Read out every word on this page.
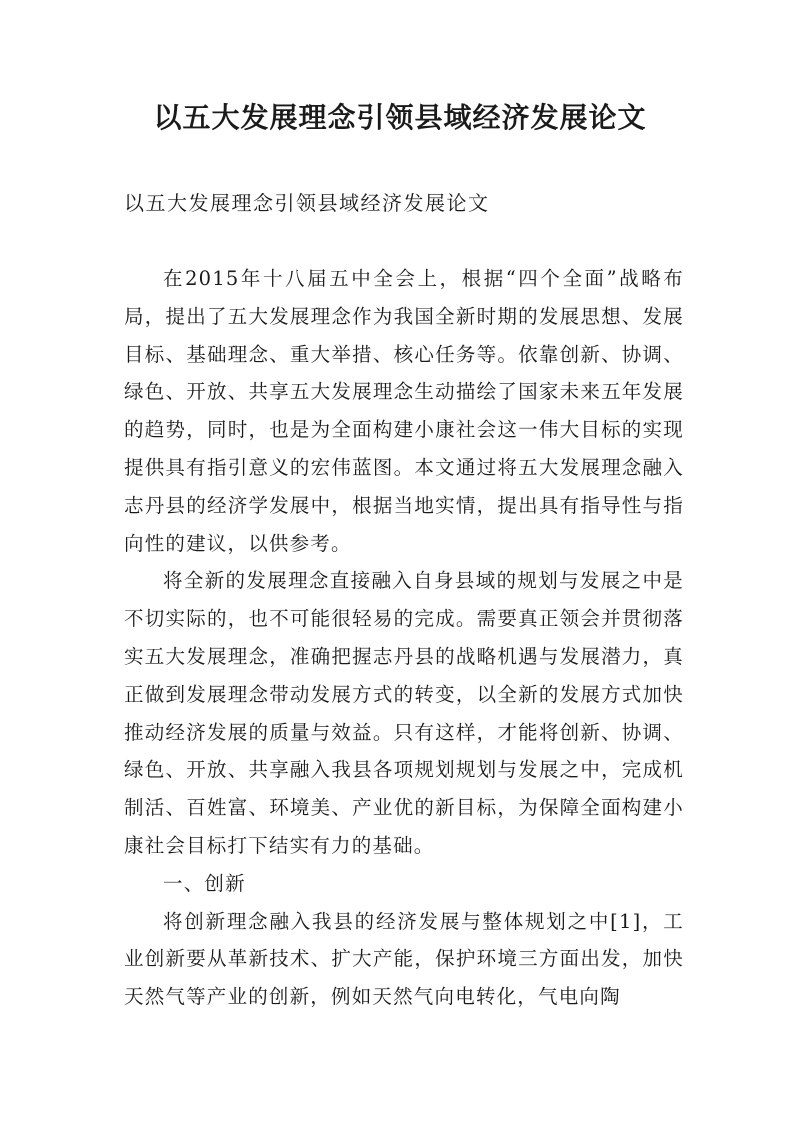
以五大发展理念引领县域经济发展论文

以五大发展理念引领县域经济发展论文

在2015年十八届五中全会上，根据“四个全面”战略布局，提出了五大发展理念作为我国全新时期的发展思想、发展目标、基础理念、重大举措、核心任务等。依靠创新、协调、绿色、开放、共享五大发展理念生动描绘了国家未来五年发展的趋势，同时，也是为全面构建小康社会这一伟大目标的实现提供具有指引意义的宏伟蓝图。本文通过将五大发展理念融入志丹县的经济学发展中，根据当地实情，提出具有指导性与指向性的建议，以供参考。

将全新的发展理念直接融入自身县域的规划与发展之中是不切实际的，也不可能很轻易的完成。需要真正领会并贯彻落实五大发展理念，准确把握志丹县的战略机遇与发展潜力，真正做到发展理念带动发展方式的转变，以全新的发展方式加快推动经济发展的质量与效益。只有这样，才能将创新、协调、绿色、开放、共享融入我县各项规划规划与发展之中，完成机制活、百姓富、环境美、产业优的新目标，为保障全面构建小康社会目标打下结实有力的基础。

一、创新

将创新理念融入我县的经济发展与整体规划之中[1]，工业创新要从革新技术、扩大产能，保护环境三方面出发，加快天然气等产业的创新，例如天然气向电转化，气电向陶
